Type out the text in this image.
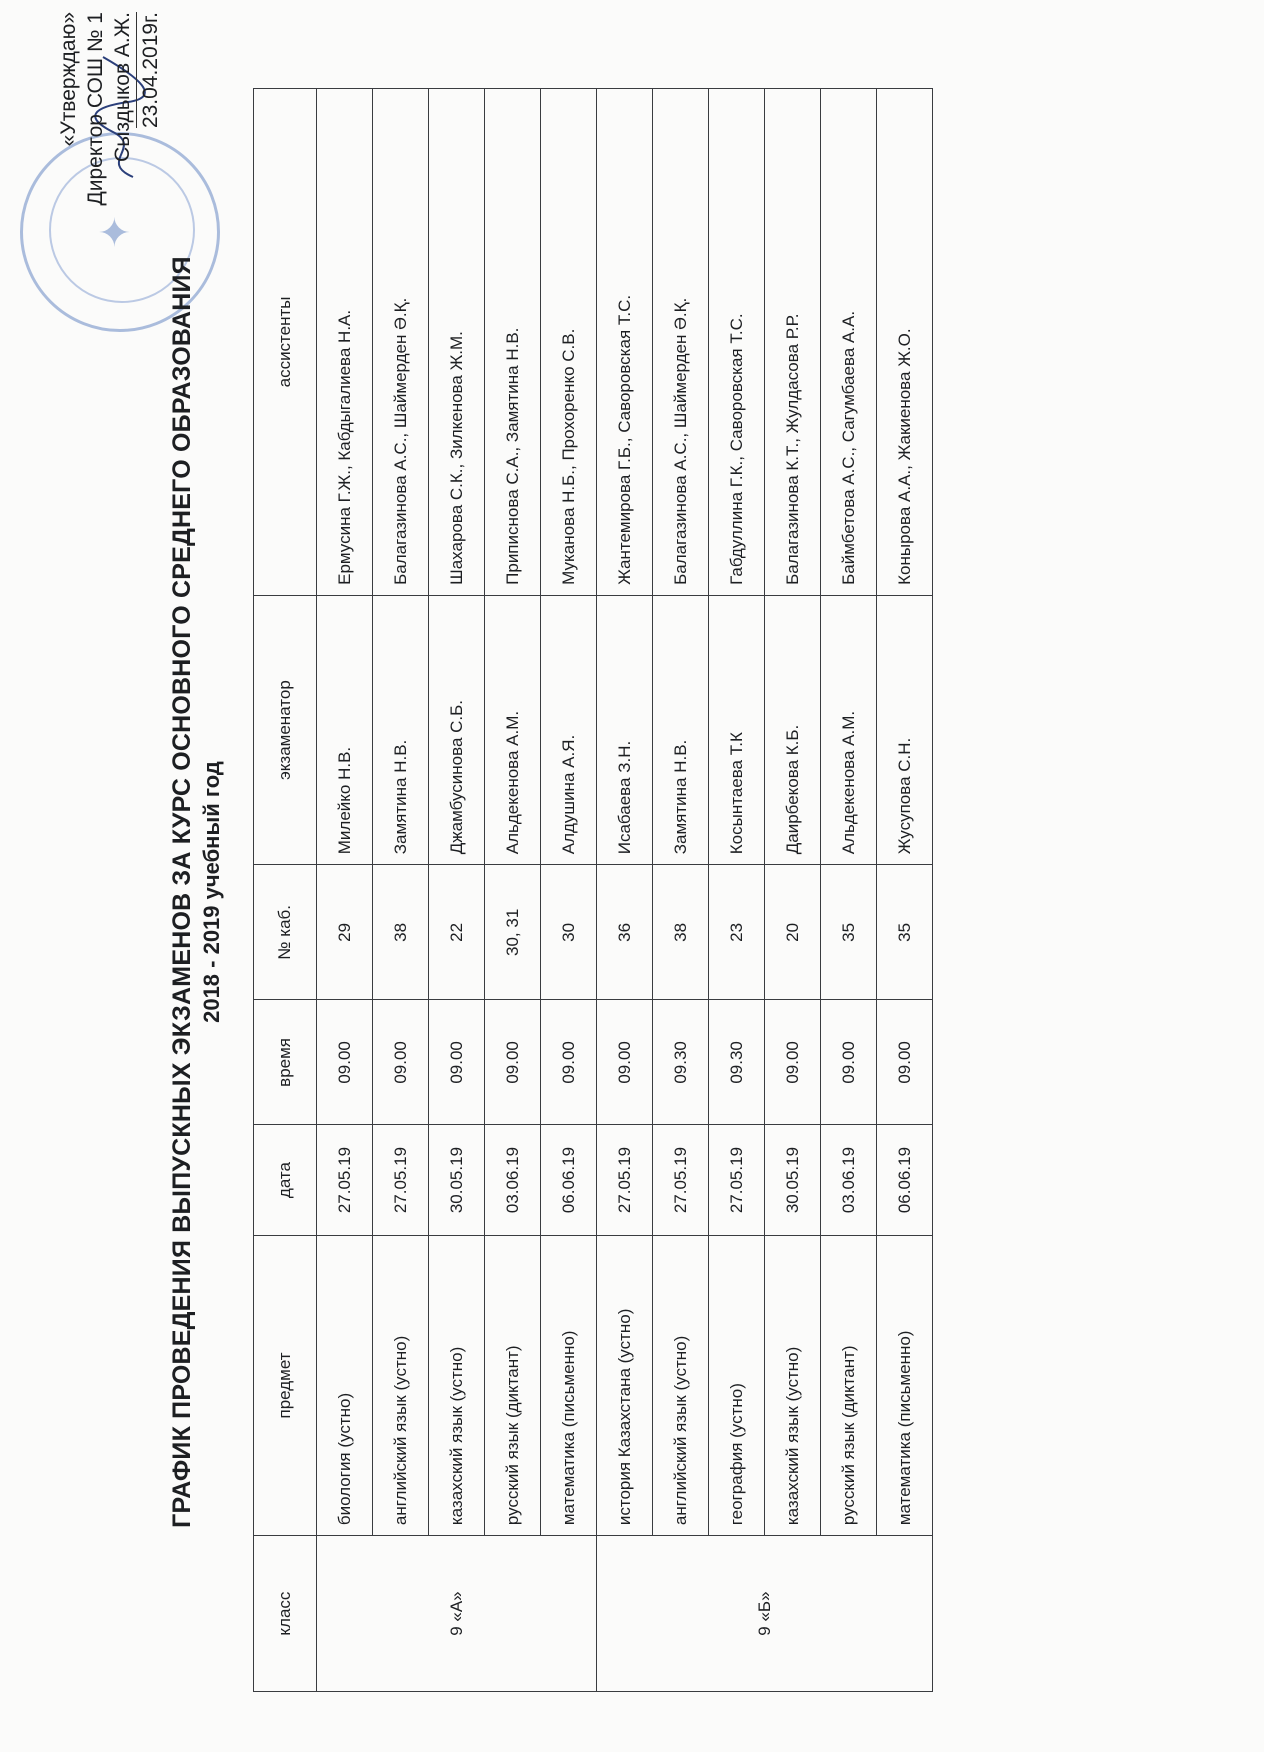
✦
«Утверждаю» Директор СОШ № 1 Сыздыков А.Ж. 23.04.2019г.
ГРАФИК ПРОВЕДЕНИЯ ВЫПУСКНЫХ ЭКЗАМЕНОВ ЗА КУРС ОСНОВНОГО СРЕДНЕГО ОБРАЗОВАНИЯ 2018 - 2019 учебный год
класс	предмет	дата	время	№ каб.	экзаменатор	ассистенты
9 «А»	биология (устно)	27.05.19	09.00	29	Милейко Н.В.	Ермусина Г.Ж., Кабдыгалиева Н.А.
	английский язык (устно)	27.05.19	09.00	38	Замятина Н.В.	Балагазинова А.С., Шаймерден Ә.Қ.
	казахский язык (устно)	30.05.19	09.00	22	Джамбусинова С.Б.	Шахарова С.К., Зилкенова Ж.М.
	русский язык (диктант)	03.06.19	09.00	30, 31	Альдекенова А.М.	Приписнова С.А., Замятина Н.В.
	математика (письменно)	06.06.19	09.00	30	Алдушина А.Я.	Муканова Н.Б., Прохоренко С.В.
9 «Б»	история Казахстана (устно)	27.05.19	09.00	36	Исабаева З.Н.	Жантемирова Г.Б., Саворовская Т.С.
	английский язык (устно)	27.05.19	09.30	38	Замятина Н.В.	Балагазинова А.С., Шаймерден Ә.Қ.
	география (устно)	27.05.19	09.30	23	Косынтаева Т.К	Габдуллина Г.К., Саворовская Т.С.
	казахский язык (устно)	30.05.19	09.00	20	Даирбекова К.Б.	Балагазинова К.Т., Жулдасова Р.Р.
	русский язык (диктант)	03.06.19	09.00	35	Альдекенова А.М.	Баймбетова А.С., Сагумбаева А.А.
	математика (письменно)	06.06.19	09.00	35	Жусупова С.Н.	Конырова А.А., Жакиенова Ж.О.
